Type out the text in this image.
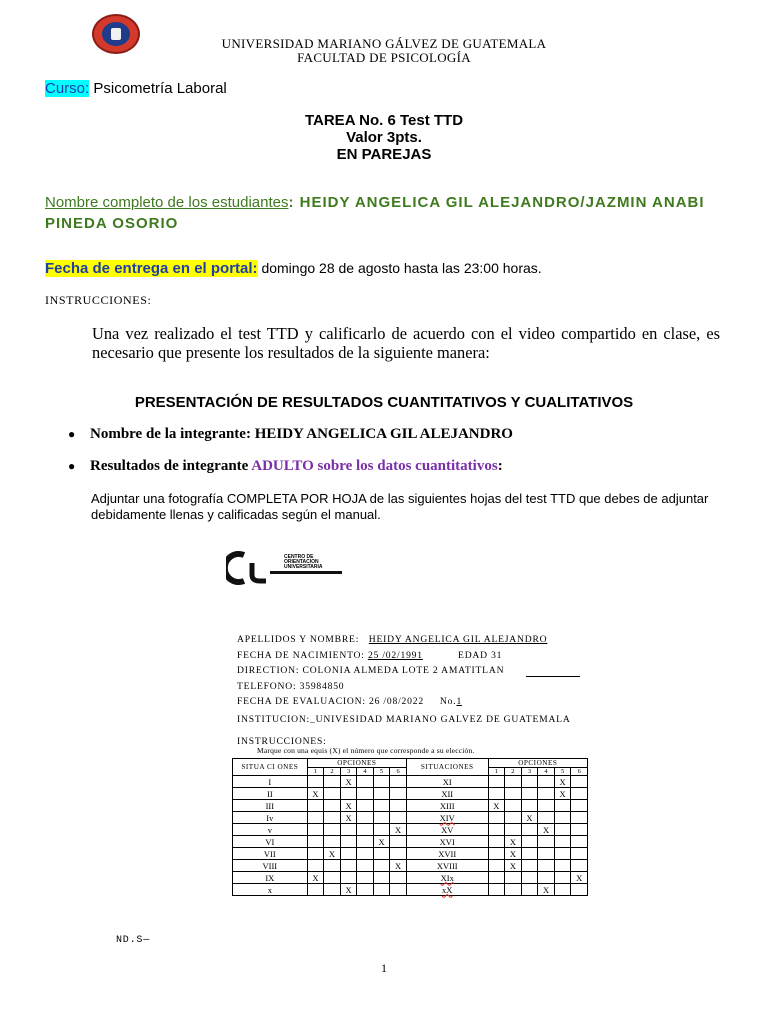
UNIVERSIDAD MARIANO GÁLVEZ DE GUATEMALA
FACULTAD DE PSICOLOGÍA
Curso: Psicometría Laboral
TAREA No. 6 Test TTD
Valor 3pts.
EN PAREJAS
Nombre completo de los estudiantes: HEIDY ANGELICA GIL ALEJANDRO/JAZMIN ANABI PINEDA OSORIO
Fecha de entrega en el portal: domingo 28 de agosto hasta las 23:00 horas.
INSTRUCCIONES:
Una vez realizado el test TTD y calificarlo de acuerdo con el video compartido en clase, es necesario que presente los resultados de la siguiente manera:
PRESENTACIÓN DE RESULTADOS CUANTITATIVOS Y CUALITATIVOS
● Nombre de la integrante: HEIDY ANGELICA GIL ALEJANDRO
● Resultados de integrante ADULTO sobre los datos cuantitativos:
Adjuntar una fotografía COMPLETA POR HOJA de las siguientes hojas del test TTD que debes de adjuntar debidamente llenas y calificadas según el manual.
CENTRO DE
ORIENTACION
UNIVERSITARIA
APELLIDOS Y NOMBRE: HEIDY ANGELICA GIL ALEJANDRO
FECHA DE NACIMIENTO: 25 /02/1991	EDAD 31
DIRECTION: COLONIA ALMEDA LOTE 2 AMATITLAN
TELEFONO: 35984850
FECHA DE EVALUACION: 26 /08/2022 No.1
INSTITUCION:_UNIVESIDAD MARIANO GALVEZ DE GUATEMALA
INSTRUCCIONES:
Marque con una equis (X) el número que corresponde a su elección.
SITUA CI ONES	OPCIONES						SITUACIONES	OPCIONES					
	1	2	3	4	5	6		1	2	3	4	5	6
I			X				XI					X	
II	X						XII					X	
III			X				XIII	X					
Iv			X				XIV			X			
v						X	XV				X		
VI					X		XVI		X				
VII		X					XVII		X				
VIII						X	XVIII		X				
IX	X						XIx						X
x			X				xX				X		
ND.S—
1
